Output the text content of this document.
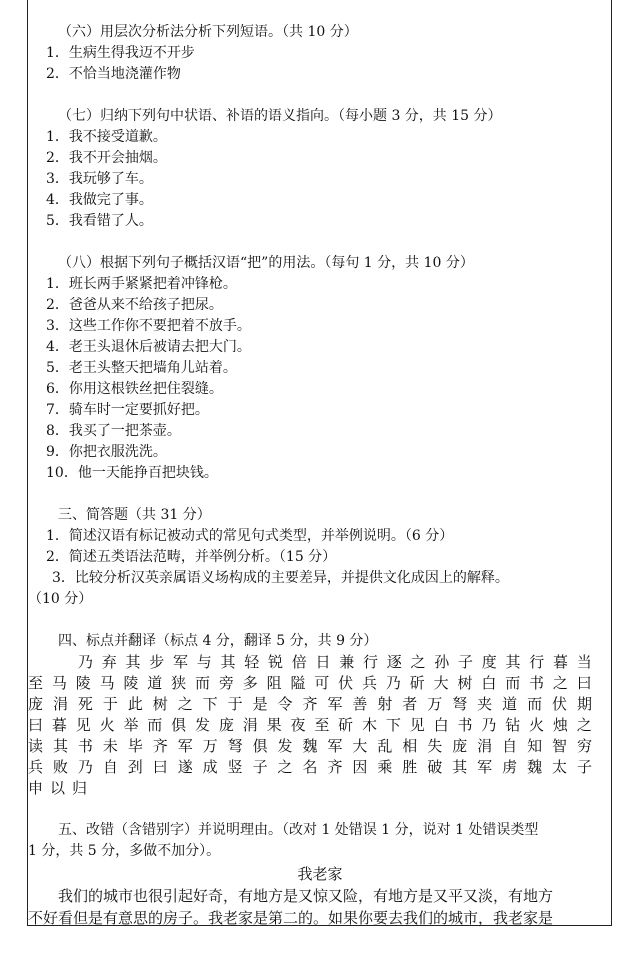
（六）用层次分析法分析下列短语。（共 10 分）

1．生病生得我迈不开步

2．不恰当地浇灌作物

（七）归纳下列句中状语、补语的语义指向。（每小题 3 分，共 15 分）

1．我不接受道歉。

2．我不开会抽烟。

3．我玩够了车。

4．我做完了事。

5．我看错了人。

（八）根据下列句子概括汉语“把”的用法。（每句 1 分，共 10 分）

1．班长两手紧紧把着冲锋枪。

2．爸爸从来不给孩子把尿。

3．这些工作你不要把着不放手。

4．老王头退休后被请去把大门。

5．老王头整天把墙角儿站着。

6．你用这根铁丝把住裂缝。

7．骑车时一定要抓好把。

8．我买了一把茶壶。

9．你把衣服洗洗。

10．他一天能挣百把块钱。

三、简答题（共 31 分）

1．简述汉语有标记被动式的常见句式类型，并举例说明。（6 分）

2．简述五类语法范畴，并举例分析。（15 分）

3．比较分析汉英亲属语义场构成的主要差异，并提供文化成因上的解释。

（10 分）

四、标点并翻译（标点 4 分，翻译 5 分，共 9 分）

乃 弃 其 步 军 与 其 轻 锐 倍 日 兼 行 逐 之 孙 子 度 其 行 暮 当
至 马 陵 马 陵 道 狭 而 旁 多 阻 隘 可 伏 兵 乃 斫 大 树 白 而 书 之 曰
庞 涓 死 于 此 树 之 下 于 是 令 齐 军 善 射 者 万 弩 夹 道 而 伏 期
曰 暮 见 火 举 而 俱 发 庞 涓 果 夜 至 斫 木 下 见 白 书 乃 钻 火 烛 之
读 其 书 未 毕 齐 军 万 弩 俱 发 魏 军 大 乱 相 失 庞 涓 自 知 智 穷
兵 败 乃 自 刭 曰 遂 成 竖 子 之 名 齐 因 乘 胜 破 其 军 虏 魏 太 子
申 以 归

五、改错（含错别字）并说明理由。（改对 1 处错误 1 分，说对 1 处错误类型

1 分，共 5 分，多做不加分）。

我老家

我们的城市也很引起好奇，有地方是又惊又险，有地方是又平又淡，有地方
不好看但是有意思的房子。我老家是第二的。如果你要去我们的城市，我老家是
